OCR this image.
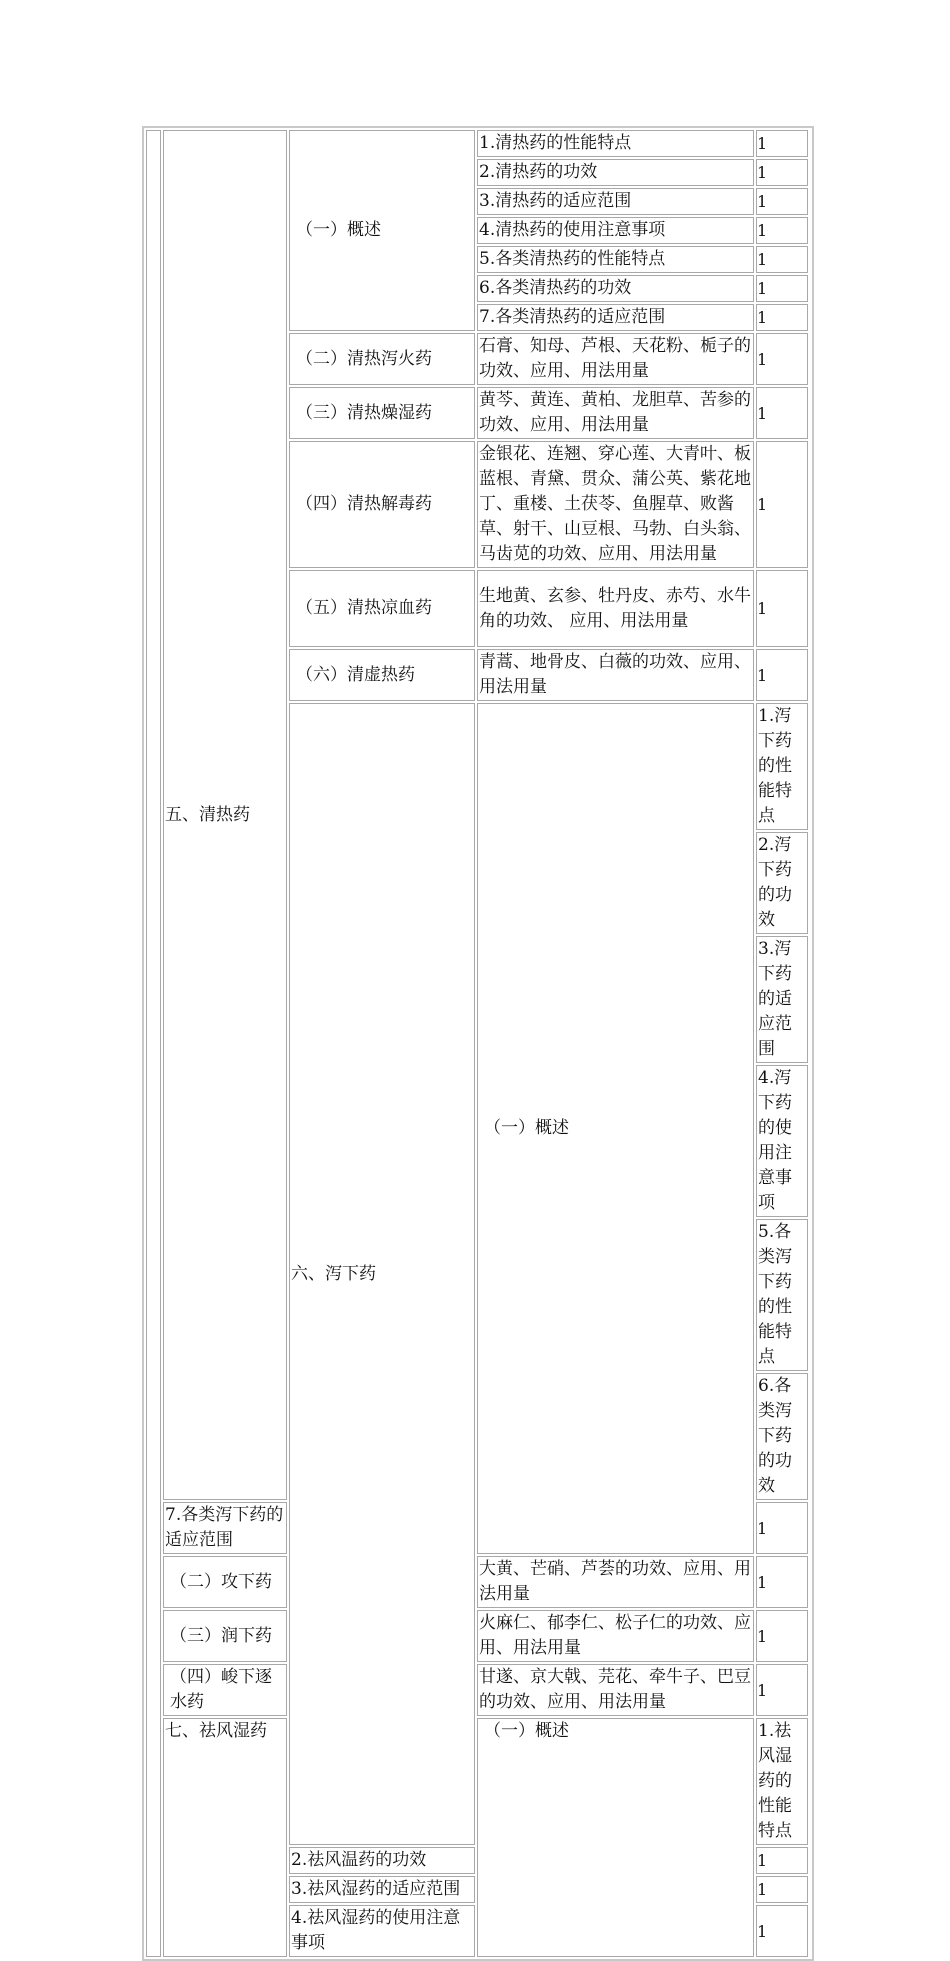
	五、清热药	（一）概述	1.清热药的性能特点	1	
			2.清热药的功效	1	
			3.清热药的适应范围	1	
			4.清热药的使用注意事项	1	
			5.各类清热药的性能特点	1	
			6.各类清热药的功效	1	
			7.各类清热药的适应范围	1	
		（二）清热泻火药	石膏、知母、芦根、天花粉、栀子的功效、应用、用法用量	1	
		（三）清热燥湿药	黄芩、黄连、黄柏、龙胆草、苦参的功效、应用、用法用量	1	
		（四）清热解毒药	金银花、连翘、穿心莲、大青叶、板蓝根、青黛、贯众、蒲公英、紫花地丁、重楼、土茯苓、鱼腥草、败酱草、射干、山豆根、马勃、白头翁、马齿苋的功效、应用、用法用量	1	
		（五）清热凉血药	生地黄、玄参、牡丹皮、赤芍、水牛角的功效、 应用、用法用量	1	
		（六）清虚热药	青蒿、地骨皮、白薇的功效、应用、用法用量	1	
		六、泻下药	（一）概述	1.泻下药的性能特点	
				2.泻下药的功效	
				3.泻下药的适应范围	
				4.泻下药的使用注意事项	
				5.各类泻下药的性能特点	
				6.各类泻下药的功效	
	7.各类泻下药的适应范围			1	
	（二）攻下药		大黄、芒硝、芦荟的功效、应用、用法用量	1	
	（三）润下药		火麻仁、郁李仁、松子仁的功效、应用、用法用量	1	
	（四）峻下逐水药		甘遂、京大戟、芫花、牵牛子、巴豆的功效、应用、用法用量	1	
	七、祛风湿药		（一）概述	1.祛风湿药的性能特点	
		2.祛风温药的功效		1	
		3.祛风湿药的适应范围		1	
		4.祛风湿药的使用注意事项		1	
